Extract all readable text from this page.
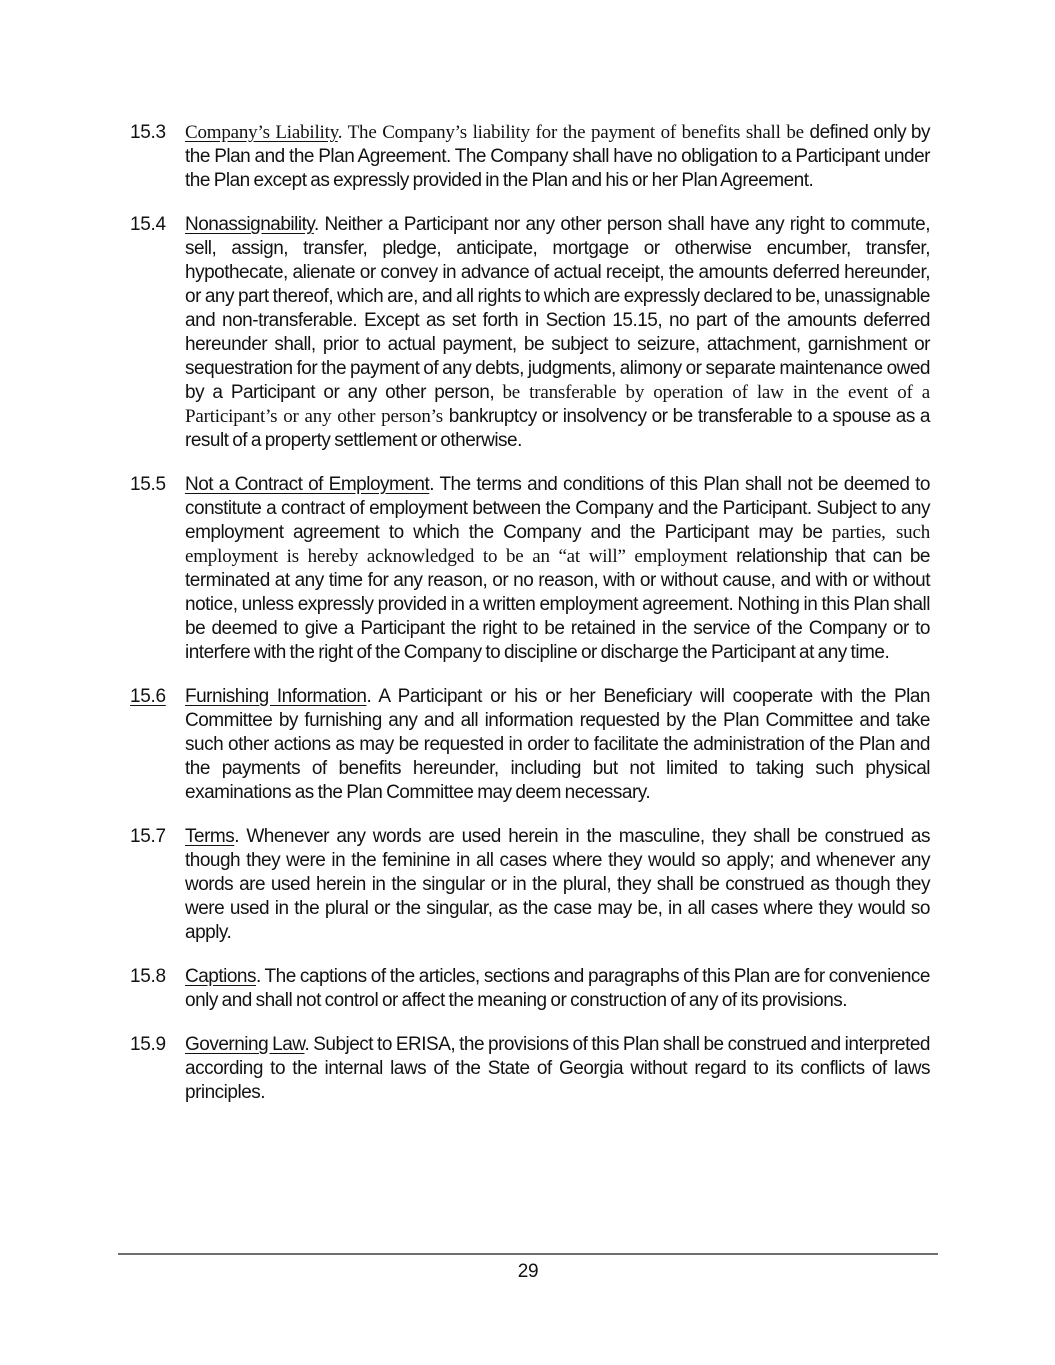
15.3	Company’s Liability. The Company’s liability for the payment of benefits shall be defined only by the Plan and the Plan Agreement. The Company shall have no obligation to a Participant under the Plan except as expressly provided in the Plan and his or her Plan Agreement.
15.4	Nonassignability. Neither a Participant nor any other person shall have any right to commute, sell, assign, transfer, pledge, anticipate, mortgage or otherwise encumber, transfer, hypothecate, alienate or convey in advance of actual receipt, the amounts deferred hereunder, or any part thereof, which are, and all rights to which are expressly declared to be, unassignable and non-transferable. Except as set forth in Section 15.15, no part of the amounts deferred hereunder shall, prior to actual payment, be subject to seizure, attachment, garnishment or sequestration for the payment of any debts, judgments, alimony or separate maintenance owed by a Participant or any other person, be transferable by operation of law in the event of a Participant’s or any other person’s bankruptcy or insolvency or be transferable to a spouse as a result of a property settlement or otherwise.
15.5	Not a Contract of Employment. The terms and conditions of this Plan shall not be deemed to constitute a contract of employment between the Company and the Participant. Subject to any employment agreement to which the Company and the Participant may be parties, such employment is hereby acknowledged to be an “at will” employment relationship that can be terminated at any time for any reason, or no reason, with or without cause, and with or without notice, unless expressly provided in a written employment agreement. Nothing in this Plan shall be deemed to give a Participant the right to be retained in the service of the Company or to interfere with the right of the Company to discipline or discharge the Participant at any time.
15.6	Furnishing Information. A Participant or his or her Beneficiary will cooperate with the Plan Committee by furnishing any and all information requested by the Plan Committee and take such other actions as may be requested in order to facilitate the administration of the Plan and the payments of benefits hereunder, including but not limited to taking such physical examinations as the Plan Committee may deem necessary.
15.7	Terms. Whenever any words are used herein in the masculine, they shall be construed as though they were in the feminine in all cases where they would so apply; and whenever any words are used herein in the singular or in the plural, they shall be construed as though they were used in the plural or the singular, as the case may be, in all cases where they would so apply.
15.8	Captions. The captions of the articles, sections and paragraphs of this Plan are for convenience only and shall not control or affect the meaning or construction of any of its provisions.
15.9	Governing Law. Subject to ERISA, the provisions of this Plan shall be construed and interpreted according to the internal laws of the State of Georgia without regard to its conflicts of laws principles.
29
